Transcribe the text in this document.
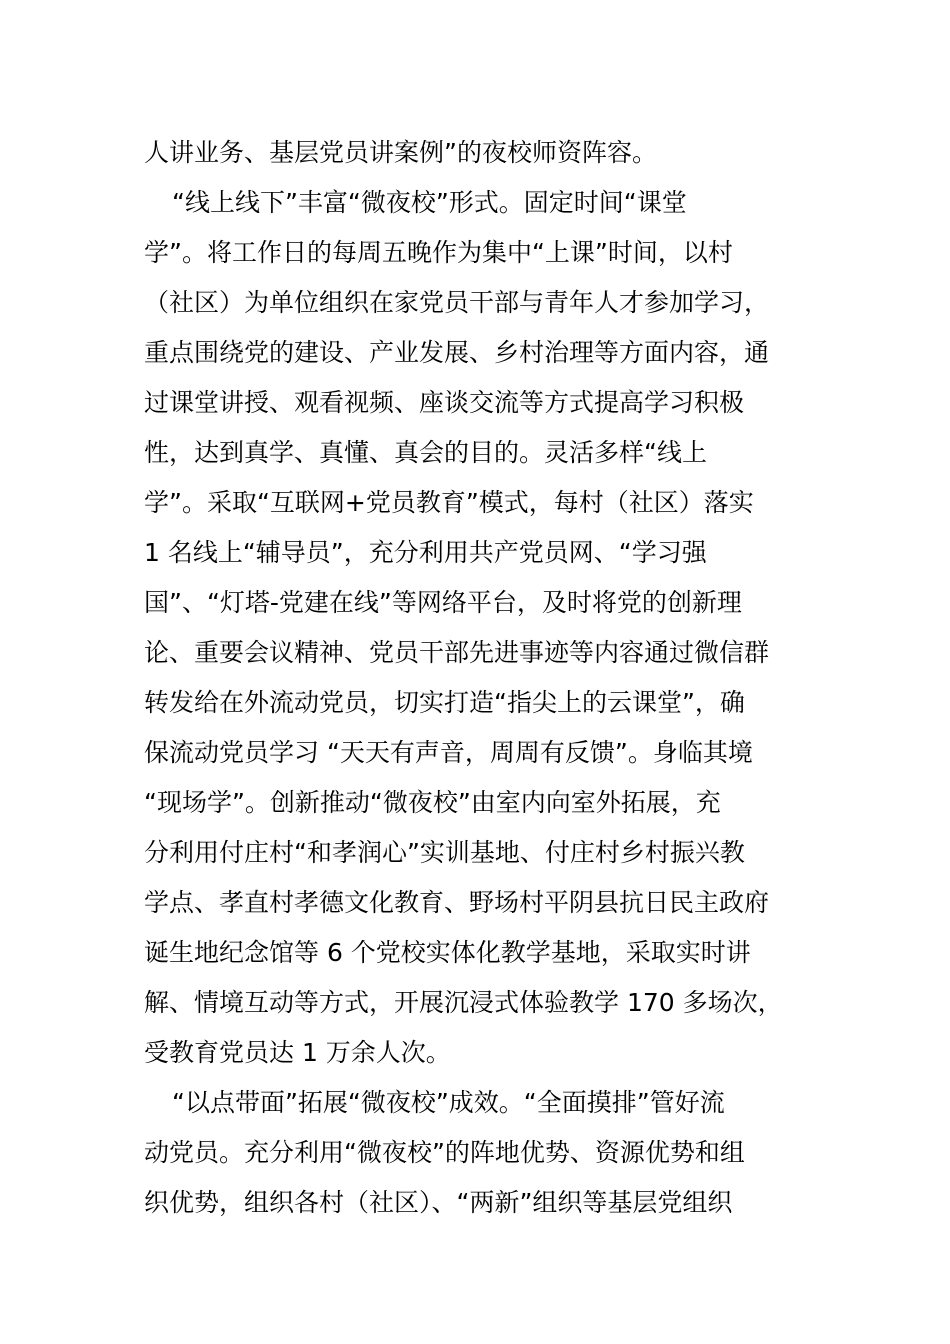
人讲业务、基层党员讲案例”的夜校师资阵容。
“线上线下”丰富“微夜校”形式。固定时间“课堂
学”。将工作日的每周五晚作为集中“上课”时间，以村
（社区）为单位组织在家党员干部与青年人才参加学习，
重点围绕党的建设、产业发展、乡村治理等方面内容，通
过课堂讲授、观看视频、座谈交流等方式提高学习积极
性，达到真学、真懂、真会的目的。灵活多样“线上
学”。采取“互联网+党员教育”模式，每村（社区）落实
1 名线上“辅导员”，充分利用共产党员网、“学习强
国”、“灯塔-党建在线”等网络平台，及时将党的创新理
论、重要会议精神、党员干部先进事迹等内容通过微信群
转发给在外流动党员，切实打造“指尖上的云课堂”，确
保流动党员学习 “天天有声音，周周有反馈”。身临其境
“现场学”。创新推动“微夜校”由室内向室外拓展，充
分利用付庄村“和孝润心”实训基地、付庄村乡村振兴教
学点、孝直村孝德文化教育、野场村平阴县抗日民主政府
诞生地纪念馆等 6 个党校实体化教学基地，采取实时讲
解、情境互动等方式，开展沉浸式体验教学 170 多场次，
受教育党员达 1 万余人次。
“以点带面”拓展“微夜校”成效。“全面摸排”管好流
动党员。充分利用“微夜校”的阵地优势、资源优势和组
织优势，组织各村（社区）、“两新”组织等基层党组织
